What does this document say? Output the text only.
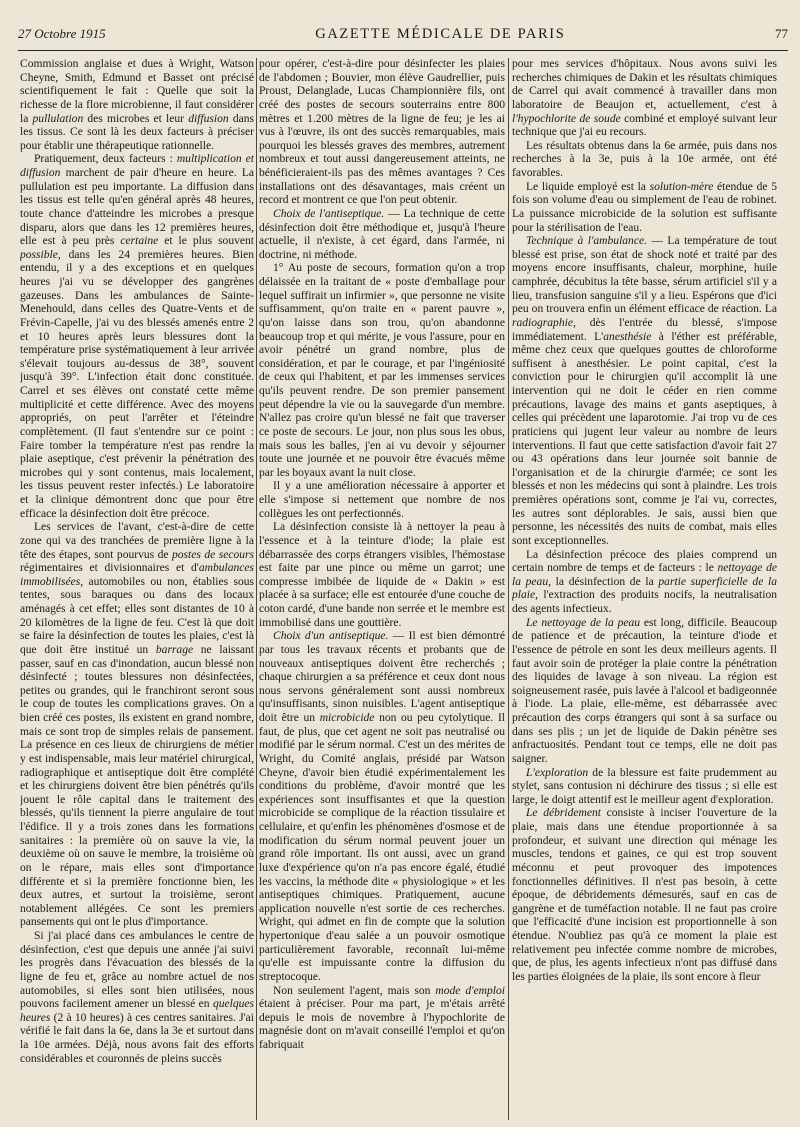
27 Octobre 1915	GAZETTE MÉDICALE DE PARIS	77

Commission anglaise et dues à Wright, Watson Cheyne, Smith, Edmund et Basset ont précisé scientifiquement le fait : Quelle que soit la richesse de la flore microbienne, il faut considérer la pullulation des microbes et leur diffusion dans les tissus. Ce sont là les deux facteurs à préciser pour établir une thérapeutique rationnelle.

Pratiquement, deux facteurs : multiplication et diffusion marchent de pair d'heure en heure. La pullulation est peu importante. La diffusion dans les tissus est telle qu'en général après 48 heures, toute chance d'atteindre les microbes a presque disparu, alors que dans les 12 premières heures, elle est à peu près certaine et le plus souvent possible, dans les 24 premières heures. Bien entendu, il y a des exceptions et en quelques heures j'ai vu se développer des gangrènes gazeuses. Dans les ambulances de Sainte-Menehould, dans celles des Quatre-Vents et de Frévin-Capelle, j'ai vu des blessés amenés entre 2 et 10 heures après leurs blessures dont la température prise systématiquement à leur arrivée s'élevait toujours au-dessus de 38°, souvent jusqu'à 39°. L'infection était donc constituée. Carrel et ses élèves ont constaté cette même multiplicité et cette différence. Avec des moyens appropriés, on peut l'arrêter et l'éteindre complètement. (Il faut s'entendre sur ce point : Faire tomber la température n'est pas rendre la plaie aseptique, c'est prévenir la pénétration des microbes qui y sont contenus, mais localement, les tissus peuvent rester infectés.) Le laboratoire et la clinique démontrent donc que pour être efficace la désinfection doit être précoce.

Les services de l'avant, c'est-à-dire de cette zone qui va des tranchées de première ligne à la tête des étapes, sont pourvus de postes de secours régimentaires et divisionnaires et d'ambulances immobilisées, automobiles ou non, établies sous tentes, sous baraques ou dans des locaux aménagés à cet effet; elles sont distantes de 10 à 20 kilomètres de la ligne de feu. C'est là que doit se faire la désinfection de toutes les plaies, c'est là que doit être institué un barrage ne laissant passer, sauf en cas d'inondation, aucun blessé non désinfecté ; toutes blessures non désinfectées, petites ou grandes, qui le franchiront seront sous le coup de toutes les complications graves. On a bien créé ces postes, ils existent en grand nombre, mais ce sont trop de simples relais de pansement. La présence en ces lieux de chirurgiens de métier y est indispensable, mais leur matériel chirurgical, radiographique et antiseptique doit être complété et les chirurgiens doivent être bien pénétrés qu'ils jouent le rôle capital dans le traitement des blessés, qu'ils tiennent la pierre angulaire de tout l'édifice. Il y a trois zones dans les formations sanitaires : la première où on sauve la vie, la deuxième où on sauve le membre, la troisième où on le répare, mais elles sont d'importance différente et si la première fonctionne bien, les deux autres, et surtout la troisième, seront notablement allégées. Ce sont les premiers pansements qui ont le plus d'importance.

Si j'ai placé dans ces ambulances le centre de désinfection, c'est que depuis une année j'ai suivi les progrès dans l'évacuation des blessés de la ligne de feu et, grâce au nombre actuel de nos automobiles, si elles sont bien utilisées, nous pouvons facilement amener un blessé en quelques heures (2 à 10 heures) à ces centres sanitaires. J'ai vérifié le fait dans la 6e, dans la 3e et surtout dans la 10e armées. Déjà, nous avons fait des efforts considérables et couronnés de pleins succès

pour opérer, c'est-à-dire pour désinfecter les plaies de l'abdomen ; Bouvier, mon élève Gaudrellier, puis Proust, Delanglade, Lucas Championnière fils, ont créé des postes de secours souterrains entre 800 mètres et 1.200 mètres de la ligne de feu; je les ai vus à l'œuvre, ils ont des succès remarquables, mais pourquoi les blessés graves des membres, autrement nombreux et tout aussi dangereusement atteints, ne bénéficieraient-ils pas des mêmes avantages ? Ces installations ont des désavantages, mais créent un record et montrent ce que l'on peut obtenir.

Choix de l'antiseptique. — La technique de cette désinfection doit être méthodique et, jusqu'à l'heure actuelle, il n'existe, à cet égard, dans l'armée, ni doctrine, ni méthode.

1° Au poste de secours, formation qu'on a trop délaissée en la traitant de « poste d'emballage pour lequel suffirait un infirmier », que personne ne visite suffisamment, qu'on traite en « parent pauvre », qu'on laisse dans son trou, qu'on abandonne beaucoup trop et qui mérite, je vous l'assure, pour en avoir pénétré un grand nombre, plus de considération, et par le courage, et par l'ingéniosité de ceux qui l'habitent, et par les immenses services qu'ils peuvent rendre. De son premier pansement peut dépendre la vie ou la sauvegarde d'un membre. N'allez pas croire qu'un blessé ne fait que traverser ce poste de secours. Le jour, non plus sous les obus, mais sous les balles, j'en ai vu devoir y séjourner toute une journée et ne pouvoir être évacués même par les boyaux avant la nuit close.

Il y a une amélioration nécessaire à apporter et elle s'impose si nettement que nombre de nos collègues les ont perfectionnés.

La désinfection consiste là à nettoyer la peau à l'essence et à la teinture d'iode; la plaie est débarrassée des corps étrangers visibles, l'hémostase est faite par une pince ou même un garrot; une compresse imbibée de liquide de « Dakin » est placée à sa surface; elle est entourée d'une couche de coton cardé, d'une bande non serrée et le membre est immobilisé dans une gouttière.

Choix d'un antiseptique. — Il est bien démontré par tous les travaux récents et probants que de nouveaux antiseptiques doivent être recherchés ; chaque chirurgien a sa préférence et ceux dont nous nous servons généralement sont aussi nombreux qu'insuffisants, sinon nuisibles. L'agent antiseptique doit être un microbicide non ou peu cytolytique. Il faut, de plus, que cet agent ne soit pas neutralisé ou modifié par le sérum normal. C'est un des mérites de Wright, du Comité anglais, présidé par Watson Cheyne, d'avoir bien étudié expérimentalement les conditions du problème, d'avoir montré que les expériences sont insuffisantes et que la question microbicide se complique de la réaction tissulaire et cellulaire, et qu'enfin les phénomènes d'osmose et de modification du sérum normal peuvent jouer un grand rôle important. Ils ont aussi, avec un grand luxe d'expérience qu'on n'a pas encore égalé, étudié les vaccins, la méthode dite « physiologique » et les antiseptiques chimiques. Pratiquement, aucune application nouvelle n'est sortie de ces recherches. Wright, qui admet en fin de compte que la solution hypertonique d'eau salée a un pouvoir osmotique particulièrement favorable, reconnaît lui-même qu'elle est impuissante contre la diffusion du streptocoque.

Non seulement l'agent, mais son mode d'emploi étaient à préciser. Pour ma part, je m'étais arrêté depuis le mois de novembre à l'hypochlorite de magnésie dont on m'avait conseillé l'emploi et qu'on fabriquait

pour mes services d'hôpitaux. Nous avons suivi les recherches chimiques de Dakin et les résultats chimiques de Carrel qui avait commencé à travailler dans mon laboratoire de Beaujon et, actuellement, c'est à l'hypochlorite de soude combiné et employé suivant leur technique que j'ai eu recours.

Les résultats obtenus dans la 6e armée, puis dans nos recherches à la 3e, puis à la 10e armée, ont été favorables.

Le liquide employé est la solution-mère étendue de 5 fois son volume d'eau ou simplement de l'eau de robinet. La puissance microbicide de la solution est suffisante pour la stérilisation de l'eau.

Technique à l'ambulance. — La température de tout blessé est prise, son état de shock noté et traité par des moyens encore insuffisants, chaleur, morphine, huile camphrée, décubitus la tête basse, sérum artificiel s'il y a lieu, transfusion sanguine s'il y a lieu. Espérons que d'ici peu on trouvera enfin un élément efficace de réaction. La radiographie, dès l'entrée du blessé, s'impose immédiatement. L'anesthésie à l'éther est préférable, même chez ceux que quelques gouttes de chloroforme suffisent à anesthésier. Le point capital, c'est la conviction pour le chirurgien qu'il accomplit là une intervention qui ne doit le céder en rien comme précautions, lavage des mains et gants aseptiques, à celles qui précèdent une laparotomie. J'ai trop vu de ces praticiens qui jugent leur valeur au nombre de leurs interventions. Il faut que cette satisfaction d'avoir fait 27 ou 43 opérations dans leur journée soit bannie de l'organisation et de la chirurgie d'armée; ce sont les blessés et non les médecins qui sont à plaindre. Les trois premières opérations sont, comme je l'ai vu, correctes, les autres sont déplorables. Je sais, aussi bien que personne, les nécessités des nuits de combat, mais elles sont exceptionnelles.

La désinfection précoce des plaies comprend un certain nombre de temps et de facteurs : le nettoyage de la peau, la désinfection de la partie superficielle de la plaie, l'extraction des produits nocifs, la neutralisation des agents infectieux.

Le nettoyage de la peau est long, difficile. Beaucoup de patience et de précaution, la teinture d'iode et l'essence de pétrole en sont les deux meilleurs agents. Il faut avoir soin de protéger la plaie contre la pénétration des liquides de lavage à son niveau. La région est soigneusement rasée, puis lavée à l'alcool et badigeonnée à l'iode. La plaie, elle-même, est débarrassée avec précaution des corps étrangers qui sont à sa surface ou dans ses plis ; un jet de liquide de Dakin pénètre ses anfractuosités. Pendant tout ce temps, elle ne doit pas saigner.

L'exploration de la blessure est faite prudemment au stylet, sans contusion ni déchirure des tissus ; si elle est large, le doigt attentif est le meilleur agent d'exploration.

Le débridement consiste à inciser l'ouverture de la plaie, mais dans une étendue proportionnée à sa profondeur, et suivant une direction qui ménage les muscles, tendons et gaines, ce qui est trop souvent méconnu et peut provoquer des impotences fonctionnelles définitives. Il n'est pas besoin, à cette époque, de débridements démesurés, sauf en cas de gangrène et de tuméfaction notable. Il ne faut pas croire que l'efficacité d'une incision est proportionnelle à son étendue. N'oubliez pas qu'à ce moment la plaie est relativement peu infectée comme nombre de microbes, que, de plus, les agents infectieux n'ont pas diffusé dans les parties éloignées de la plaie, ils sont encore à fleur
